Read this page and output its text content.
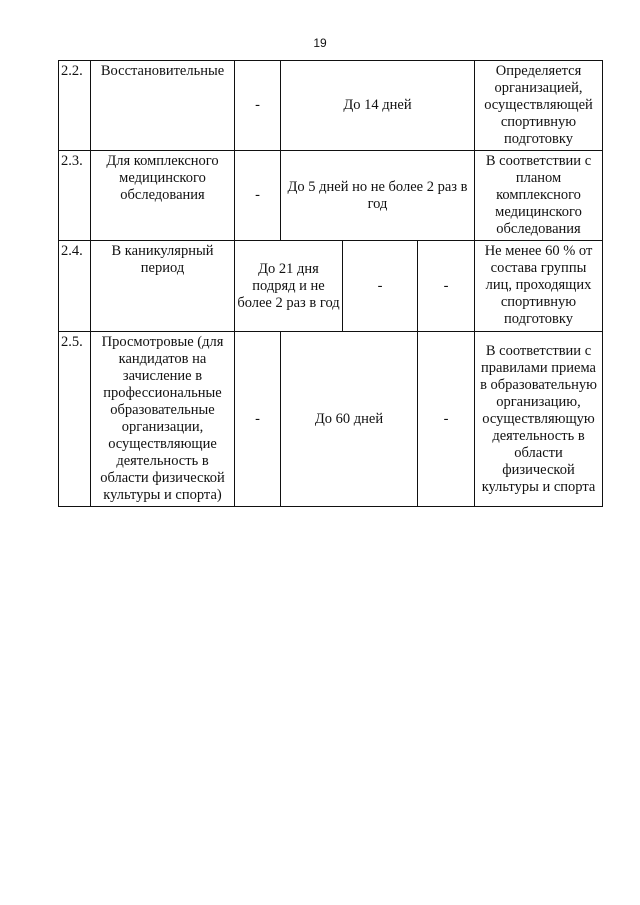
19
2.2.	Восстановительные	-	До 14 дней			Определяется организацией, осуществляющей спортивную подготовку
2.3.	Для комплексного медицинского обследования	-	До 5 дней но не более 2 раз в год			В соответствии с планом комплексного медицинского обследования
2.4.	В каникулярный период	До 21 дня подряд и не более 2 раз в год		-	-	Не менее 60 % от состава группы лиц, проходящих спортивную подготовку
2.5.	Просмотровые (для кандидатов на зачисление в профессиональные образовательные организации, осуществляющие деятельность в области физической культуры и спорта)	-	До 60 дней		-	В соответствии с правилами приема в образовательную организацию, осуществляющую деятельность в области физической культуры и спорта
